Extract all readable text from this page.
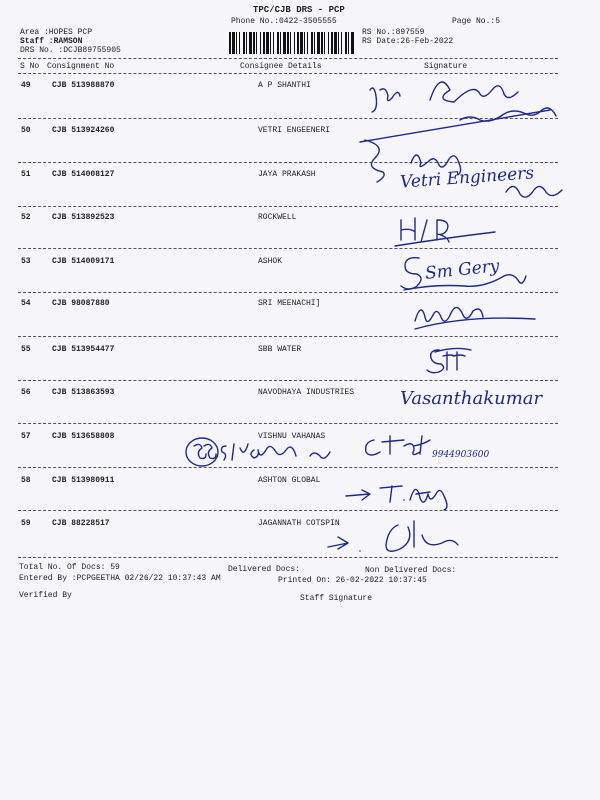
TPC/CJB DRS - PCP
Phone No.:0422-3505555	Page No.:5
Area :HOPES PCP
Staff :RAMSON
DRS No. :DCJB89755905
RS No.:897559
RS Date:26-Feb-2022
S No Consignment No	Consignee Details	Signature
49	CJB 513988870	A P SHANTHI
50	CJB 513924260	VETRI ENGEENERI
51	CJB 514008127	JAYA PRAKASH
52	CJB 513892523	ROCKWELL
53	CJB 514009171	ASHOK
54	CJB 98087880	SRI MEENACHI]
55	CJB 513954477	SBB WATER
56	CJB 513863593	NAVODHAYA INDUSTRIES
57	CJB 513658808	VISHNU VAHANAS
58	CJB 513980911	ASHTON GLOBAL
59	CJB 88228517	JAGANNATH COTSPIN
Vetri Engineers
Sm Gery
Vasanthakumar
9944903600
Total No. Of Docs: 59	Delivered Docs:	Non Delivered Docs:
Entered By :PCPGEETHA 02/26/22 10:37:43 AM	Printed On: 26-02-2022 10:37:45
Verified By	Staff Signature
